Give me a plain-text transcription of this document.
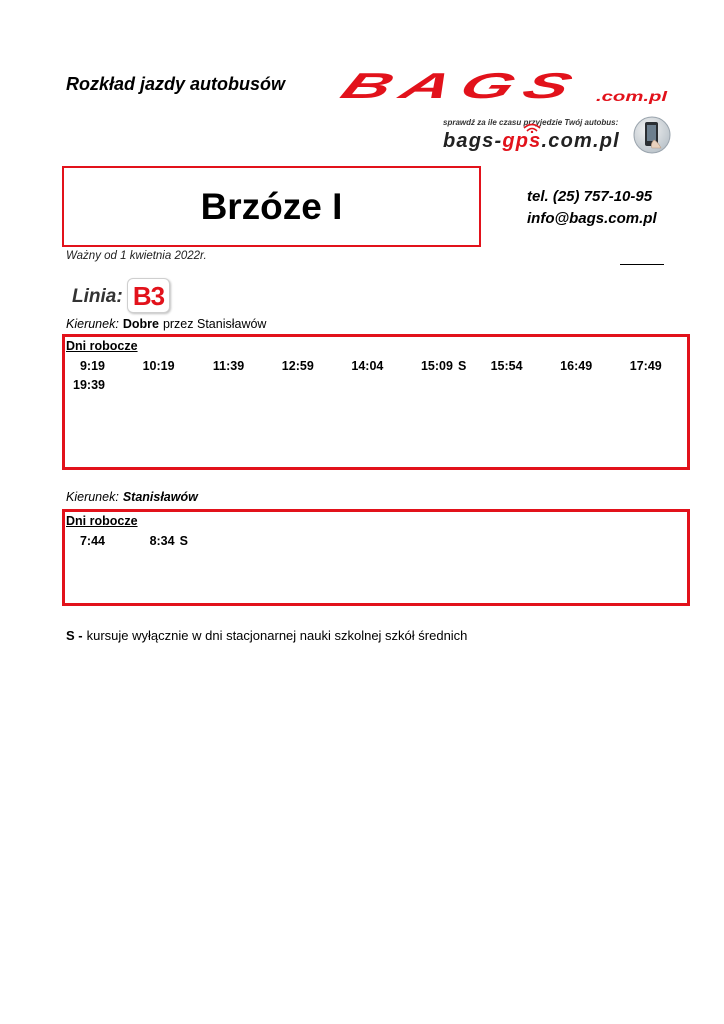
Rozkład jazdy autobusów BAGS .com.pl
sprawdź za ile czasu przyjedzie Twój autobus:
bags-gps.com.pl
Brzóze I	tel. (25) 757-10-95
info@bags.com.pl
Ważny od 1 kwietnia 2022r.
Linia: B3
Kierunek: Dobre przez Stanisławów
Dni robocze
9:19	10:19	11:39	12:59	14:04	15:09 S	15:54	16:49	17:49
19:39
Kierunek: Stanisławów
Dni robocze
7:44	8:34 S
S - kursuje wyłącznie w dni stacjonarnej nauki szkolnej szkół średnich
